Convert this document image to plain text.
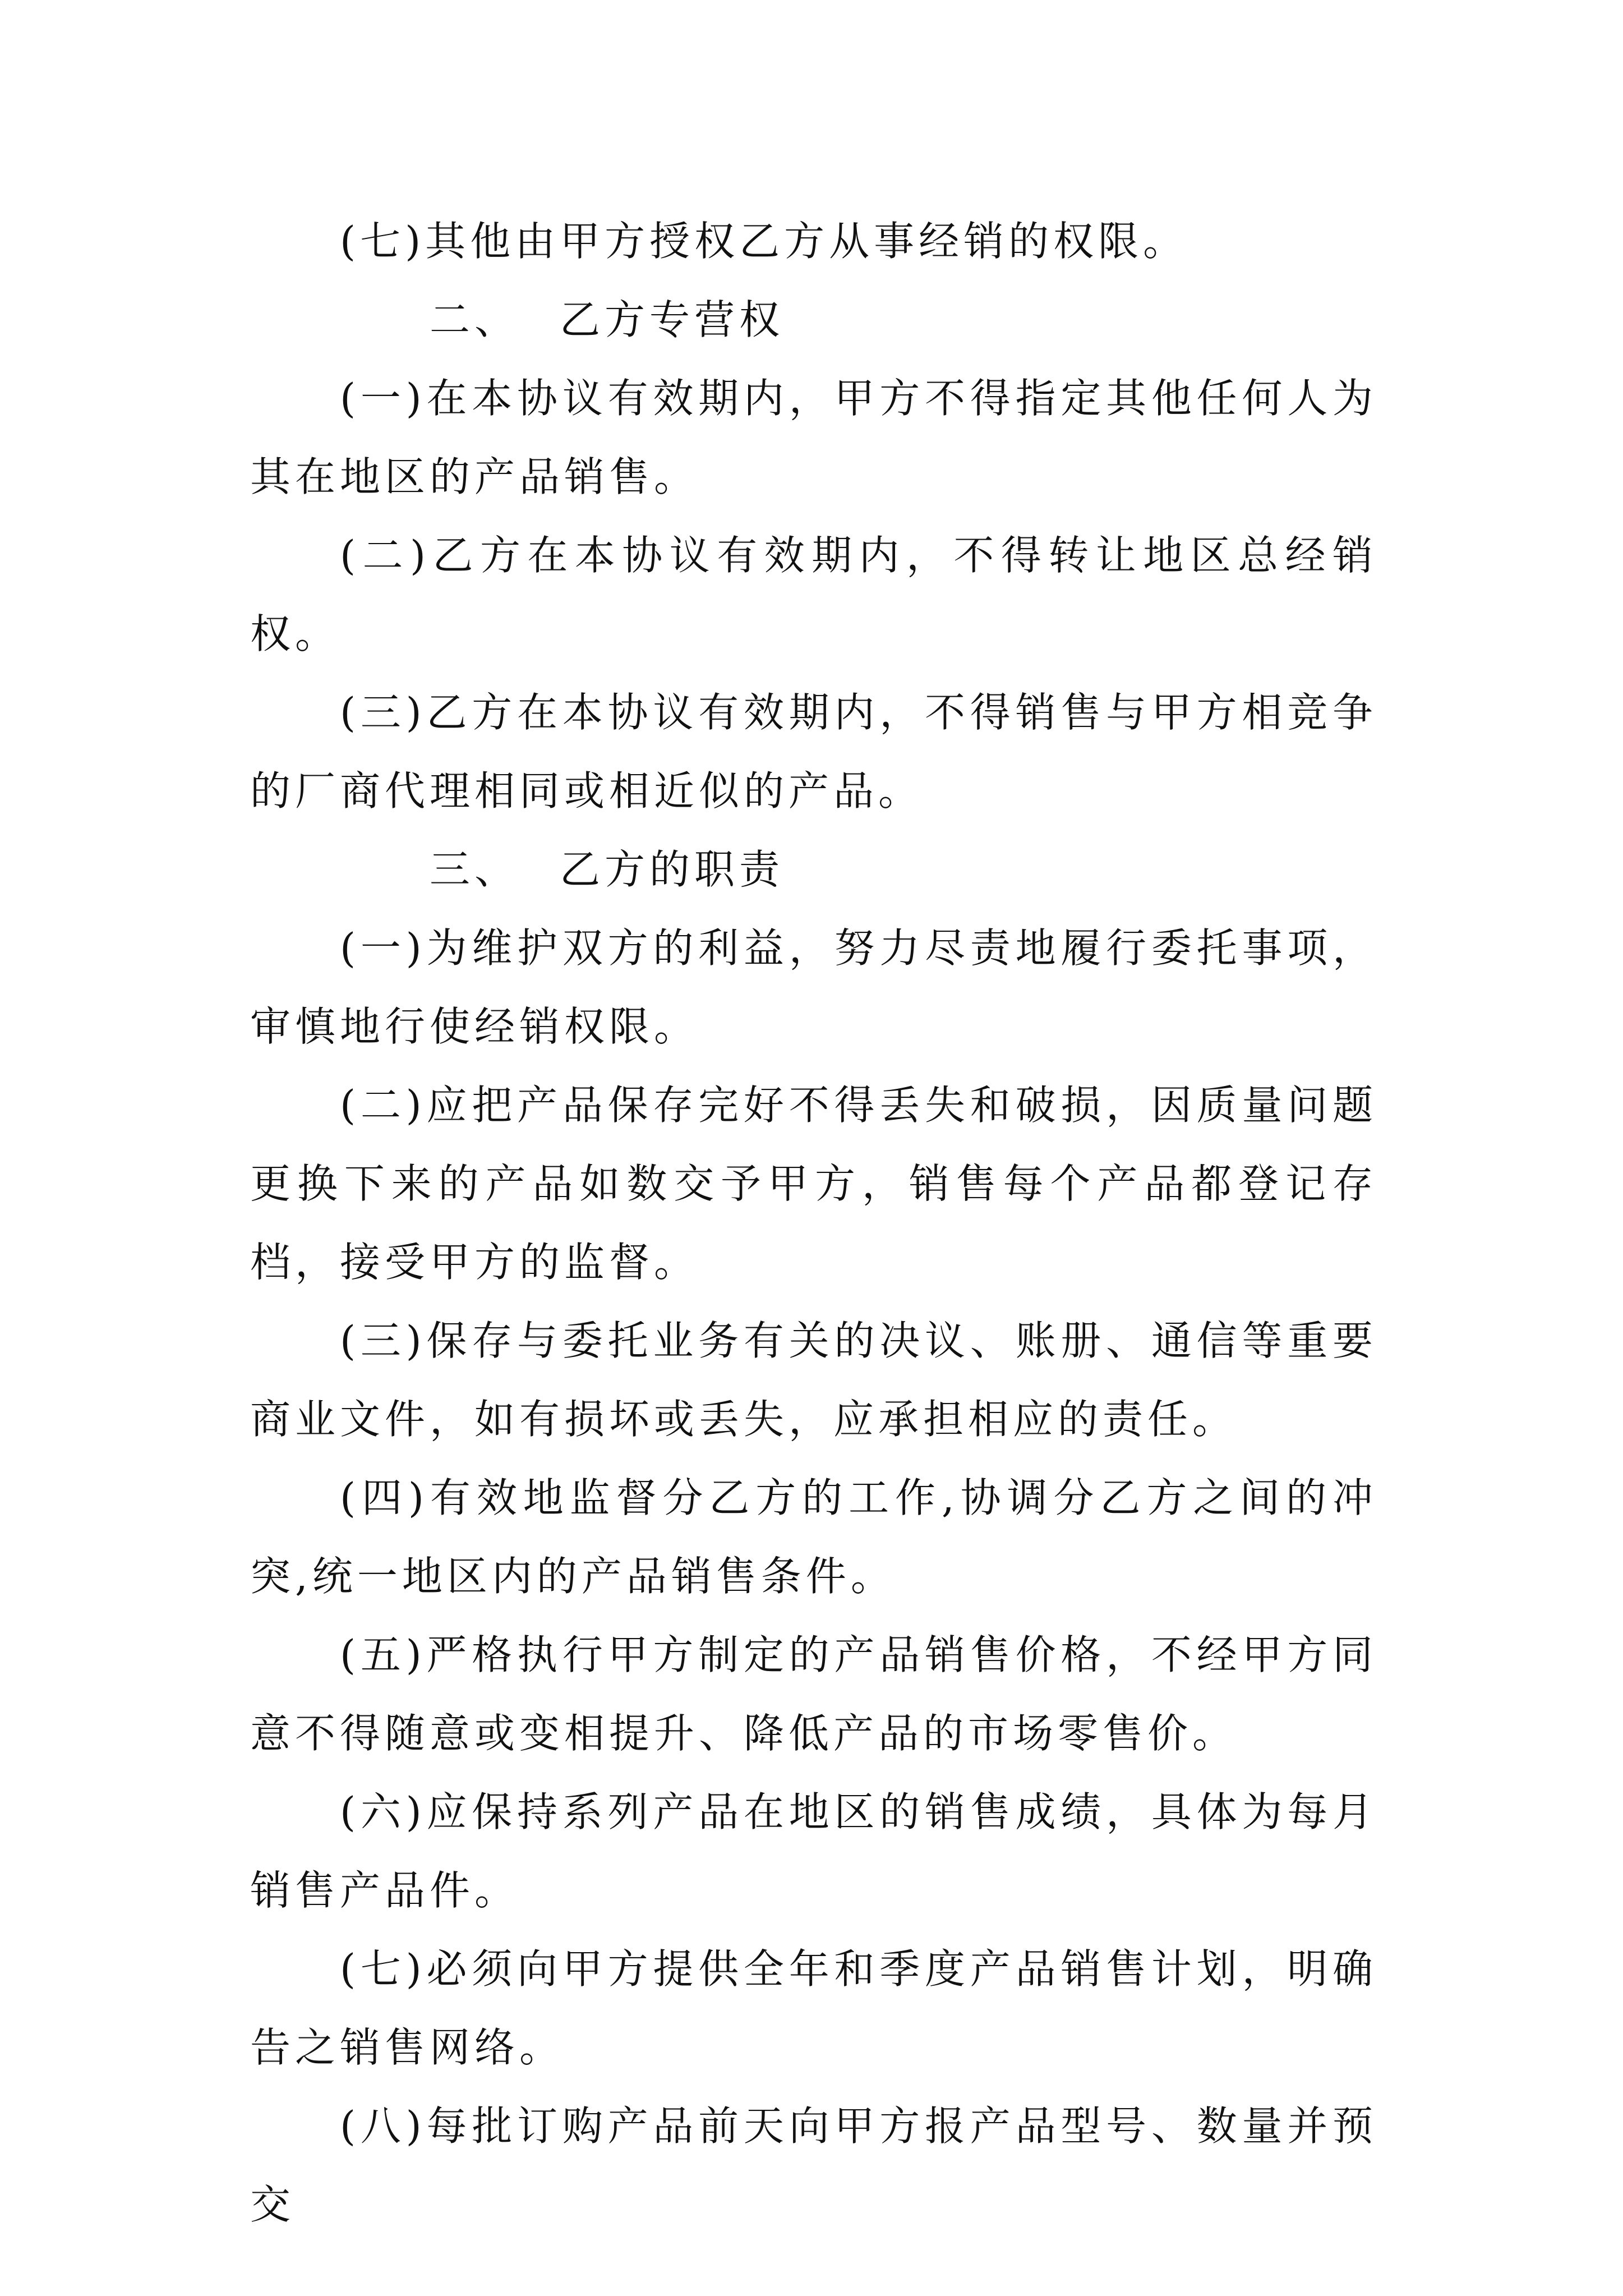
(七)其他由甲方授权乙方从事经销的权限。

二、 乙方专营权

(一)在本协议有效期内，甲方不得指定其他任何人为其在地区的产品销售。

(二)乙方在本协议有效期内，不得转让地区总经销权。

(三)乙方在本协议有效期内，不得销售与甲方相竞争的厂商代理相同或相近似的产品。

三、 乙方的职责

(一)为维护双方的利益，努力尽责地履行委托事项，审慎地行使经销权限。

(二)应把产品保存完好不得丢失和破损，因质量问题更换下来的产品如数交予甲方，销售每个产品都登记存档，接受甲方的监督。

(三)保存与委托业务有关的决议、账册、通信等重要商业文件，如有损坏或丢失，应承担相应的责任。

(四)有效地监督分乙方的工作,协调分乙方之间的冲突,统一地区内的产品销售条件。

(五)严格执行甲方制定的产品销售价格，不经甲方同意不得随意或变相提升、降低产品的市场零售价。

(六)应保持系列产品在地区的销售成绩，具体为每月销售产品件。

(七)必须向甲方提供全年和季度产品销售计划，明确告之销售网络。

(八)每批订购产品前天向甲方报产品型号、数量并预交
